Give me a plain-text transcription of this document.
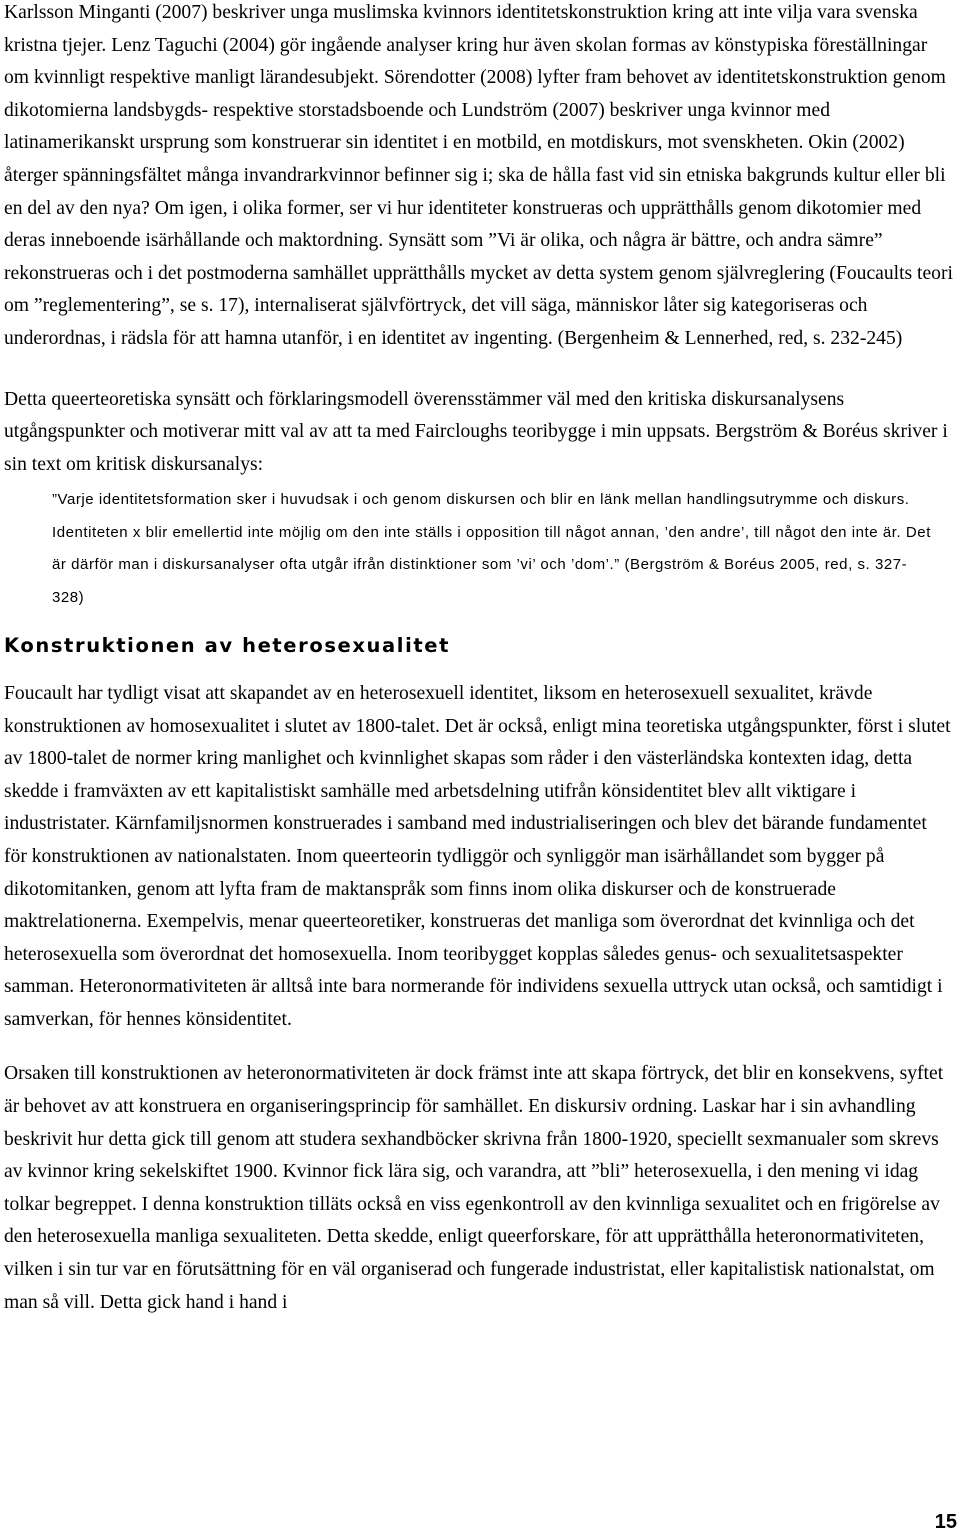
Karlsson Minganti (2007) beskriver unga muslimska kvinnors identitetskonstruktion kring att inte vilja vara svenska kristna tjejer. Lenz Taguchi (2004) gör ingående analyser kring hur även skolan formas av könstypiska föreställningar om kvinnligt respektive manligt lärandesubjekt. Sörendotter (2008) lyfter fram behovet av identitetskonstruktion genom dikotomierna landsbygds- respektive storstadsboende och Lundström (2007) beskriver unga kvinnor med latinamerikanskt ursprung som konstruerar sin identitet i en motbild, en motdiskurs, mot svenskheten. Okin (2002) återger spänningsfältet många invandrarkvinnor befinner sig i; ska de hålla fast vid sin etniska bakgrunds kultur eller bli en del av den nya? Om igen, i olika former, ser vi hur identiteter konstrueras och upprätthålls genom dikotomier med deras inneboende isärhållande och maktordning. Synsätt som ”Vi är olika, och några är bättre, och andra sämre” rekonstrueras och i det postmoderna samhället upprätthålls mycket av detta system genom självreglering (Foucaults teori om ”reglementering”, se s. 17), internaliserat självförtryck, det vill säga, människor låter sig kategoriseras och underordnas, i rädsla för att hamna utanför, i en identitet av ingenting. (Bergenheim & Lennerhed, red, s. 232-245)

Detta queerteoretiska synsätt och förklaringsmodell överensstämmer väl med den kritiska diskursanalysens utgångspunkter och motiverar mitt val av att ta med Faircloughs teoribygge i min uppsats. Bergström & Boréus skriver i sin text om kritisk diskursanalys:

”Varje identitetsformation sker i huvudsak i och genom diskursen och blir en länk mellan handlingsutrymme och diskurs. Identiteten x blir emellertid inte möjlig om den inte ställs i opposition till något annan, ’den andre’, till något den inte är. Det är därför man i diskursanalyser ofta utgår ifrån distinktioner som ’vi’ och ’dom’.” (Bergström & Boréus 2005, red, s. 327-328)

Konstruktionen av heterosexualitet

Foucault har tydligt visat att skapandet av en heterosexuell identitet, liksom en heterosexuell sexualitet, krävde konstruktionen av homosexualitet i slutet av 1800-talet. Det är också, enligt mina teoretiska utgångspunkter, först i slutet av 1800-talet de normer kring manlighet och kvinnlighet skapas som råder i den västerländska kontexten idag, detta skedde i framväxten av ett kapitalistiskt samhälle med arbetsdelning utifrån könsidentitet blev allt viktigare i industristater. Kärnfamiljsnormen konstruerades i samband med industrialiseringen och blev det bärande fundamentet för konstruktionen av nationalstaten. Inom queerteorin tydliggör och synliggör man isärhållandet som bygger på dikotomitanken, genom att lyfta fram de maktanspråk som finns inom olika diskurser och de konstruerade maktrelationerna. Exempelvis, menar queerteoretiker, konstrueras det manliga som överordnat det kvinnliga och det heterosexuella som överordnat det homosexuella. Inom teoribygget kopplas således genus- och sexualitetsaspekter samman. Heteronormativiteten är alltså inte bara normerande för individens sexuella uttryck utan också, och samtidigt i samverkan, för hennes könsidentitet.

Orsaken till konstruktionen av heteronormativiteten är dock främst inte att skapa förtryck, det blir en konsekvens, syftet är behovet av att konstruera en organiseringsprincip för samhället. En diskursiv ordning. Laskar har i sin avhandling beskrivit hur detta gick till genom att studera sexhandböcker skrivna från 1800-1920, speciellt sexmanualer som skrevs av kvinnor kring sekelskiftet 1900. Kvinnor fick lära sig, och varandra, att ”bli” heterosexuella, i den mening vi idag tolkar begreppet. I denna konstruktion tilläts också en viss egenkontroll av den kvinnliga sexualitet och en frigörelse av den heterosexuella manliga sexualiteten. Detta skedde, enligt queerforskare, för att upprätthålla heteronormativiteten, vilken i sin tur var en förutsättning för en väl organiserad och fungerade industristat, eller kapitalistisk nationalstat, om man så vill. Detta gick hand i hand i

15
